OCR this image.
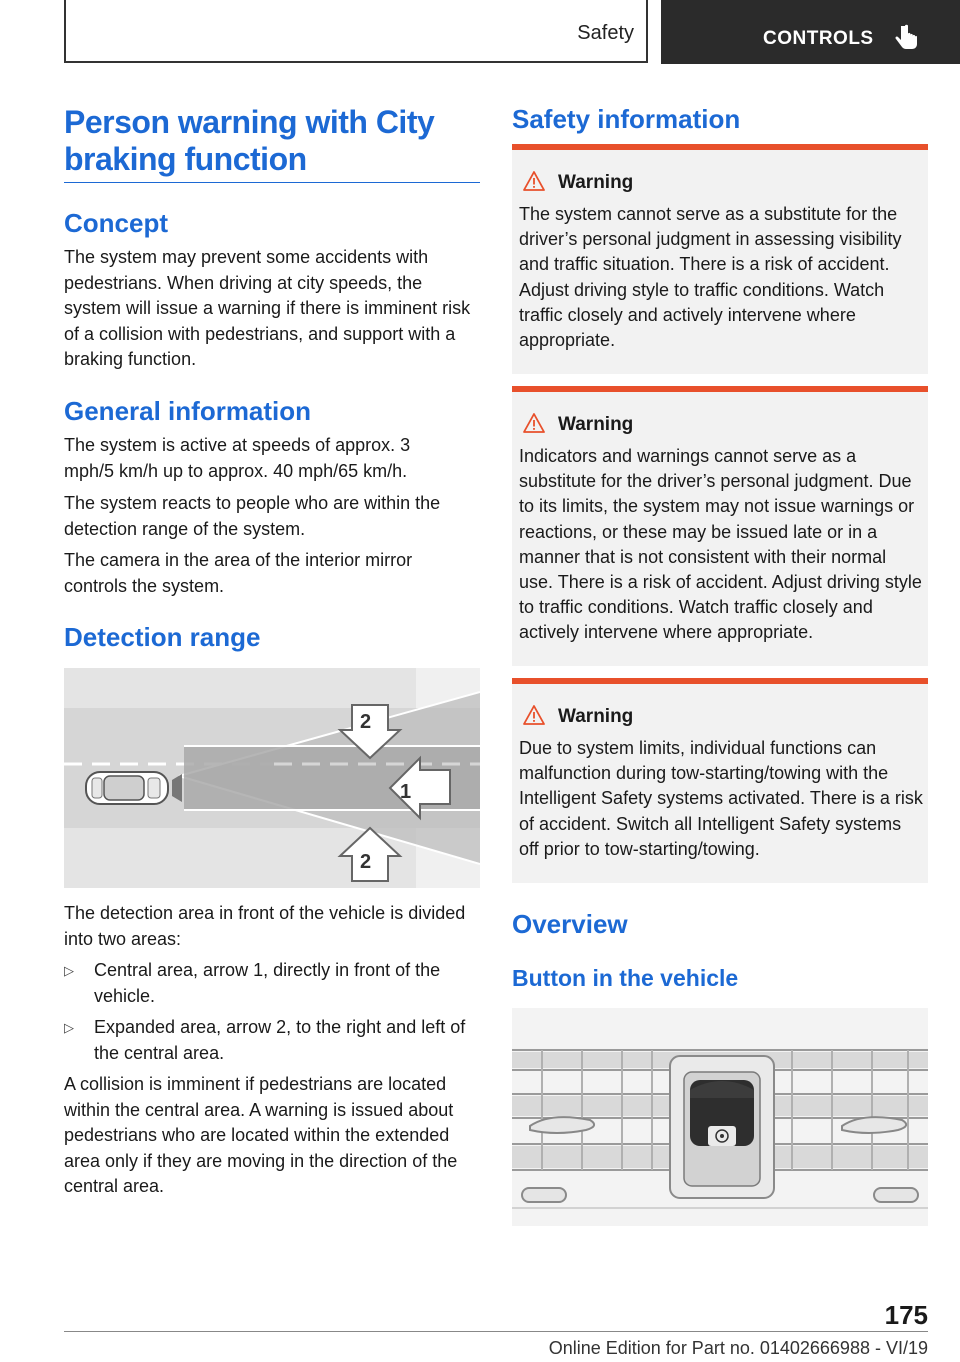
Safety	CONTROLS
Person warning with City braking function
Concept
The system may prevent some accidents with pedestrians. When driving at city speeds, the system will issue a warning if there is imminent risk of a collision with pedestrians, and support with a braking function.
General information
The system is active at speeds of approx. 3 mph/5 km/h up to approx. 40 mph/65 km/h.
The system reacts to people who are within the detection range of the system.
The camera in the area of the interior mirror controls the system.
Detection range
2
1
2
The detection area in front of the vehicle is divided into two areas:
▷ Central area, arrow 1, directly in front of the vehicle.
▷ Expanded area, arrow 2, to the right and left of the central area.
A collision is imminent if pedestrians are located within the central area. A warning is issued about pedestrians who are located within the extended area only if they are moving in the direction of the central area.
Safety information
Warning
The system cannot serve as a substitute for the driver’s personal judgment in assessing visibility and traffic situation. There is a risk of accident. Adjust driving style to traffic conditions. Watch traffic closely and actively intervene where appropriate.
Warning
Indicators and warnings cannot serve as a substitute for the driver’s personal judgment. Due to its limits, the system may not issue warnings or reactions, or these may be issued late or in a manner that is not consistent with their normal use. There is a risk of accident. Adjust driving style to traffic conditions. Watch traffic closely and actively intervene where appropriate.
Warning
Due to system limits, individual functions can malfunction during tow-starting/towing with the Intelligent Safety systems activated. There is a risk of accident. Switch all Intelligent Safety systems off prior to tow-starting/towing.
Overview
Button in the vehicle
175
Online Edition for Part no. 01402666988 - VI/19
